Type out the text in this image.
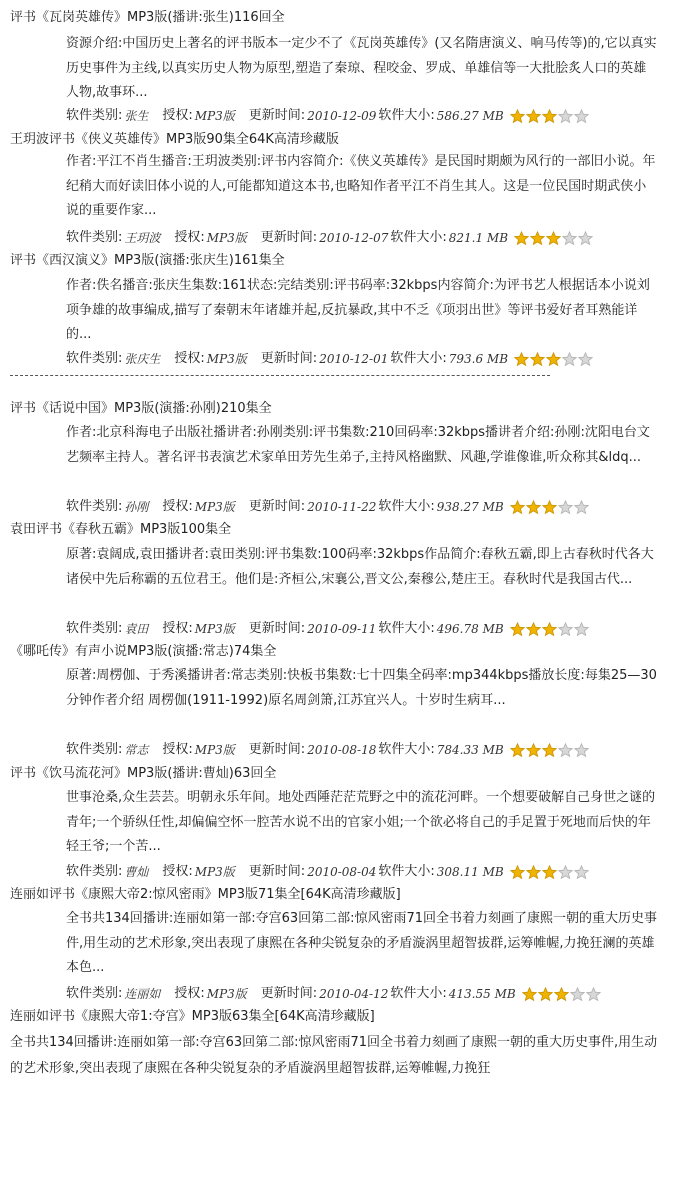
评书《瓦岗英雄传》MP3版(播讲:张生)116回全
资源介绍:中国历史上著名的评书版本一定少不了《瓦岗英雄传》(又名隋唐演义、响马传等)的,它以真实历史事件为主线,以真实历史人物为原型,塑造了秦琼、程咬金、罗成、单雄信等一大批脍炙人口的英雄人物,故事环...
软件类别: 张生 授权: MP3版 更新时间: 2010-12-09 软件大小: 586.27 MB
王玥波评书《侠义英雄传》MP3版90集全64K高清珍藏版
作者:平江不肖生播音:王玥波类别:评书内容简介:《侠义英雄传》是民国时期颇为风行的一部旧小说。年纪稍大而好读旧体小说的人,可能都知道这本书,也略知作者平江不肖生其人。这是一位民国时期武侠小说的重要作家...
软件类别: 王玥波 授权: MP3版 更新时间: 2010-12-07 软件大小: 821.1 MB
评书《西汉演义》MP3版(演播:张庆生)161集全
作者:佚名播音:张庆生集数:161状态:完结类别:评书码率:32kbps内容简介:为评书艺人根据话本小说刘项争雄的故事编成,描写了秦朝末年诸雄并起,反抗暴政,其中不乏《项羽出世》等评书爱好者耳熟能详的...
软件类别: 张庆生 授权: MP3版 更新时间: 2010-12-01 软件大小: 793.6 MB
评书《话说中国》MP3版(演播:孙刚)210集全
作者:北京科海电子出版社播讲者:孙刚类别:评书集数:210回码率:32kbps播讲者介绍:孙刚:沈阳电台文艺频率主持人。著名评书表演艺术家单田芳先生弟子,主持风格幽默、风趣,学谁像谁,听众称其&ldq...
软件类别: 孙刚 授权: MP3版 更新时间: 2010-11-22 软件大小: 938.27 MB
袁田评书《春秋五霸》MP3版100集全
原著:袁阔成,袁田播讲者:袁田类别:评书集数:100码率:32kbps作品简介:春秋五霸,即上古春秋时代各大诸侯中先后称霸的五位君王。他们是:齐桓公,宋襄公,晋文公,秦穆公,楚庄王。春秋时代是我国古代...
软件类别: 袁田 授权: MP3版 更新时间: 2010-09-11 软件大小: 496.78 MB
《哪吒传》有声小说MP3版(演播:常志)74集全
原著:周楞伽、于秀溪播讲者:常志类别:快板书集数:七十四集全码率:mp344kbps播放长度:每集25—30分钟作者介绍 周楞伽(1911-1992)原名周剑箫,江苏宜兴人。十岁时生病耳...
软件类别: 常志 授权: MP3版 更新时间: 2010-08-18 软件大小: 784.33 MB
评书《饮马流花河》MP3版(播讲:曹灿)63回全
世事沧桑,众生芸芸。明朝永乐年间。地处西陲茫茫荒野之中的流花河畔。一个想要破解自己身世之谜的青年;一个骄纵任性,却偏偏空怀一腔苦水说不出的官家小姐;一个欲必将自己的手足置于死地而后快的年轻王爷;一个苦...
软件类别: 曹灿 授权: MP3版 更新时间: 2010-08-04 软件大小: 308.11 MB
连丽如评书《康熙大帝2:惊风密雨》MP3版71集全[64K高清珍藏版]
全书共134回播讲:连丽如第一部:夺宫63回第二部:惊风密雨71回全书着力刻画了康熙一朝的重大历史事件,用生动的艺术形象,突出表现了康熙在各种尖锐复杂的矛盾漩涡里超智拔群,运筹帷幄,力挽狂澜的英雄本色...
软件类别: 连丽如 授权: MP3版 更新时间: 2010-04-12 软件大小: 413.55 MB
连丽如评书《康熙大帝1:夺宫》MP3版63集全[64K高清珍藏版]
全书共134回播讲:连丽如第一部:夺宫63回第二部:惊风密雨71回全书着力刻画了康熙一朝的重大历史事件,用生动的艺术形象,突出表现了康熙在各种尖锐复杂的矛盾漩涡里超智拔群,运筹帷幄,力挽狂
